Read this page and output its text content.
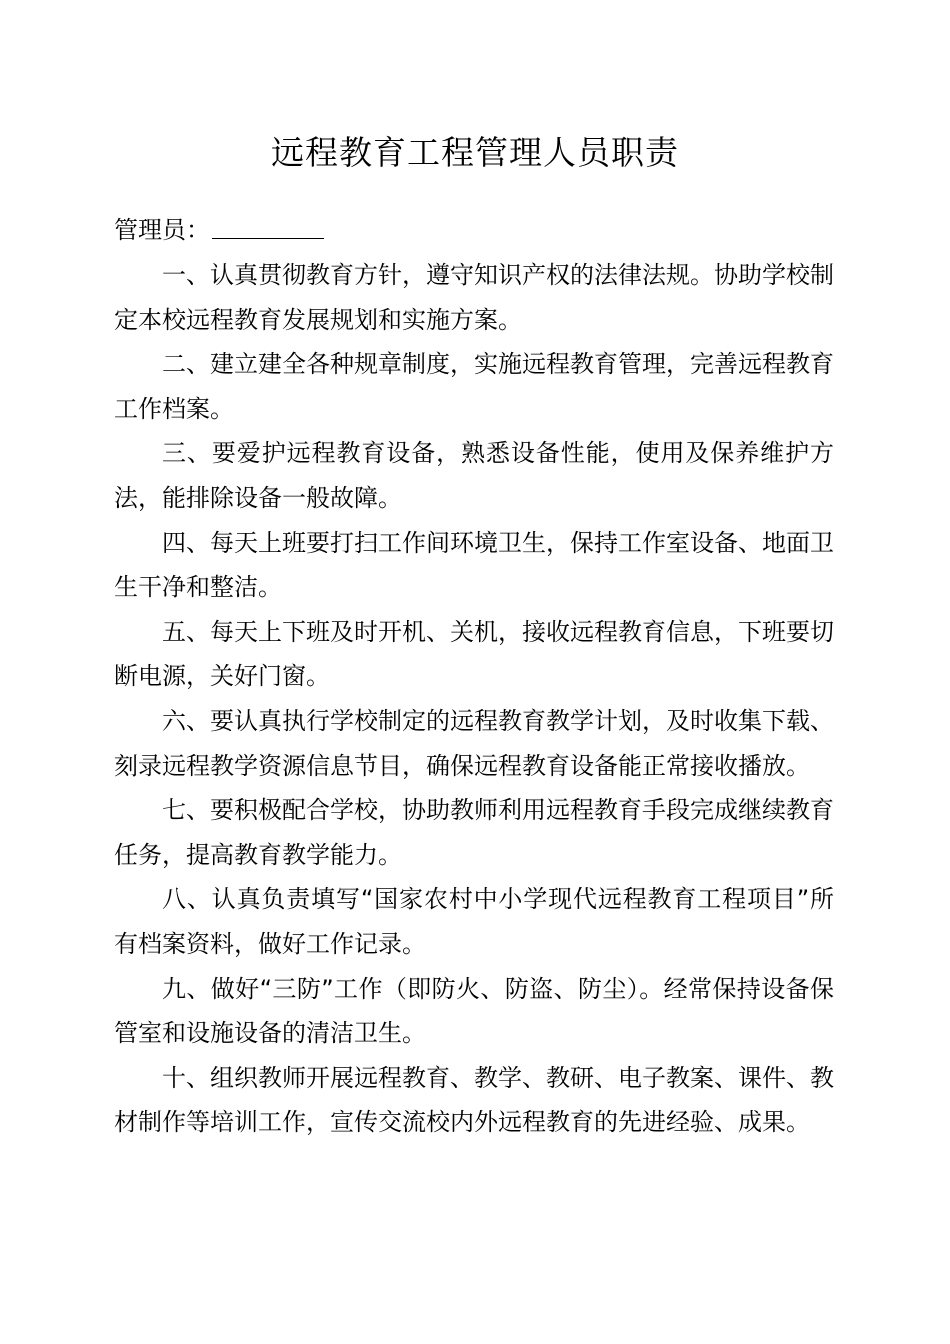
远程教育工程管理人员职责
管理员：

一、认真贯彻教育方针，遵守知识产权的法律法规。协助学校制定本校远程教育发展规划和实施方案。

二、建立建全各种规章制度，实施远程教育管理，完善远程教育工作档案。

三、要爱护远程教育设备，熟悉设备性能，使用及保养维护方法，能排除设备一般故障。

四、每天上班要打扫工作间环境卫生，保持工作室设备、地面卫生干净和整洁。

五、每天上下班及时开机、关机，接收远程教育信息，下班要切断电源，关好门窗。

六、要认真执行学校制定的远程教育教学计划，及时收集下载、刻录远程教学资源信息节目，确保远程教育设备能正常接收播放。

七、要积极配合学校，协助教师利用远程教育手段完成继续教育任务，提高教育教学能力。

八、认真负责填写“国家农村中小学现代远程教育工程项目”所有档案资料，做好工作记录。

九、做好“三防”工作（即防火、防盗、防尘）。经常保持设备保管室和设施设备的清洁卫生。

十、组织教师开展远程教育、教学、教研、电子教案、课件、教材制作等培训工作，宣传交流校内外远程教育的先进经验、成果。
